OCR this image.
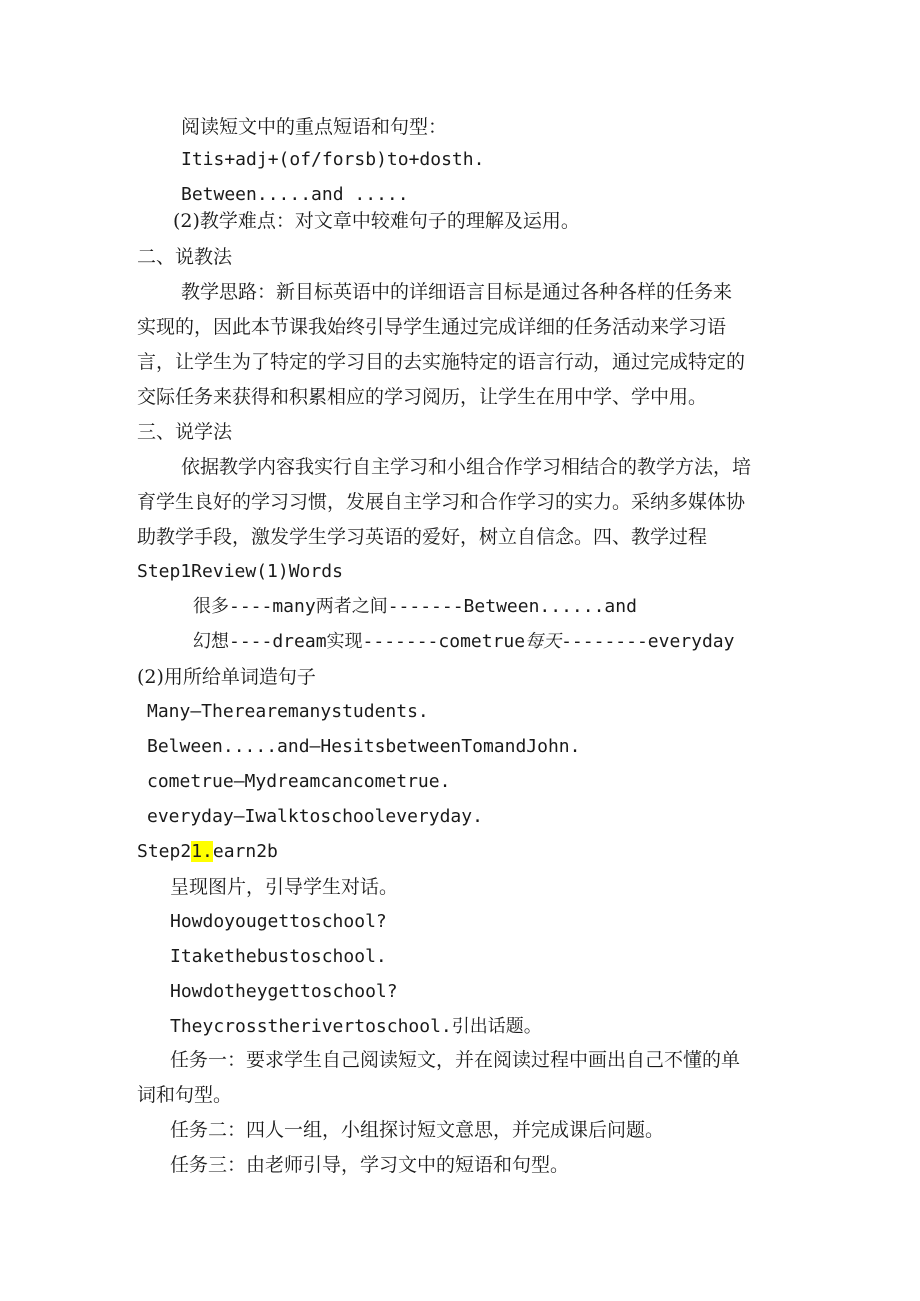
阅读短文中的重点短语和句型：
Itis+adj+(of/forsb)to+dosth.
Between.....and .....
(2)教学难点：对文章中较难句子的理解及运用。
二、说教法
教学思路：新目标英语中的详细语言目标是通过各种各样的任务来
实现的，因此本节课我始终引导学生通过完成详细的任务活动来学习语
言，让学生为了特定的学习目的去实施特定的语言行动，通过完成特定的
交际任务来获得和积累相应的学习阅历，让学生在用中学、学中用。
三、说学法
依据教学内容我实行自主学习和小组合作学习相结合的教学方法，培
育学生良好的学习习惯，发展自主学习和合作学习的实力。采纳多媒体协
助教学手段，激发学生学习英语的爱好，树立自信念。四、教学过程
Step1Review(1)Words
很多----many两者之间-------Between......and
幻想----dream实现-------cometrue每天--------everyday
(2)用所给单词造句子
Many—Therearemanystudents.
Belween.....and—HesitsbetweenTomandJohn.
cometrue—Mydreamcancometrue.
everyday—Iwalktoschooleveryday.
Step21.earn2b
呈现图片，引导学生对话。
Howdoyougettoschool?
Itakethebustoschool.
Howdotheygettoschool?
Theycrosstherivertoschool.引出话题。
任务一：要求学生自己阅读短文，并在阅读过程中画出自己不懂的单
词和句型。
任务二：四人一组，小组探讨短文意思，并完成课后问题。
任务三：由老师引导，学习文中的短语和句型。
